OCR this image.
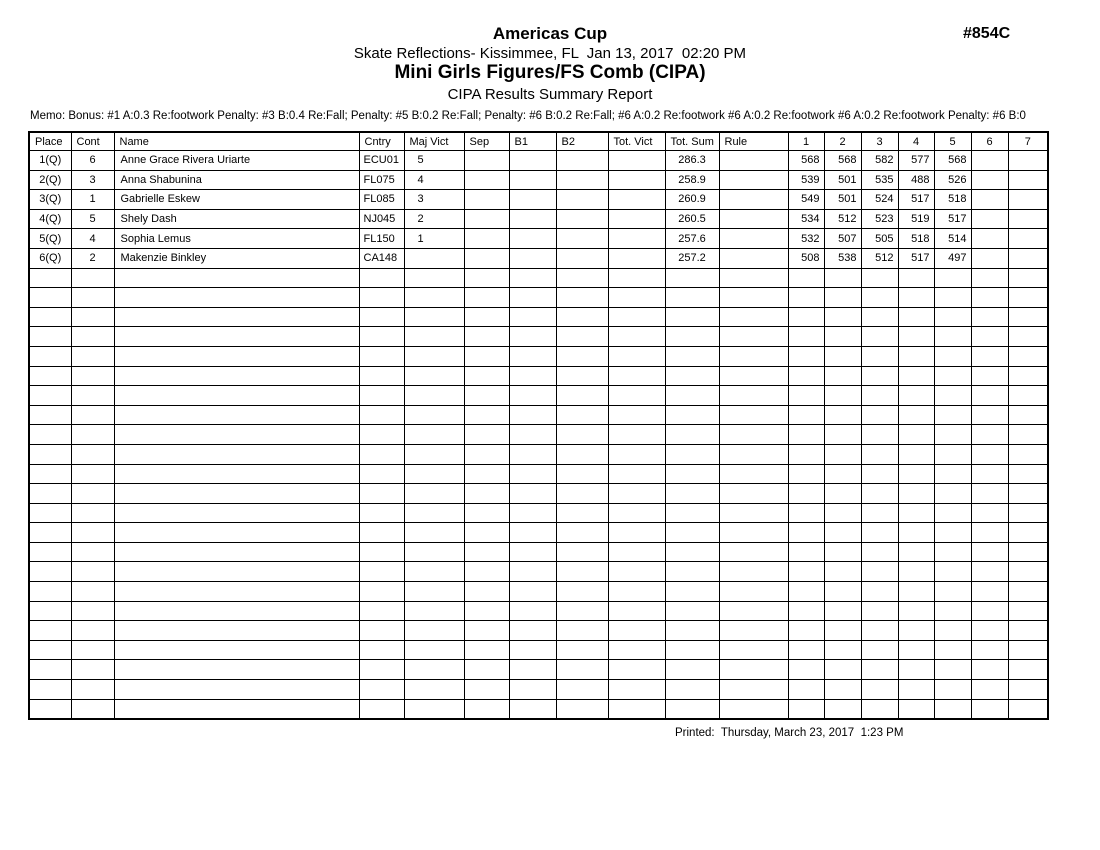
Americas Cup
Skate Reflections- Kissimmee, FL  Jan 13, 2017  02:20 PM
Mini Girls Figures/FS Comb (CIPA)
CIPA Results Summary Report
#854C
Memo: Bonus: #1 A:0.3 Re:footwork Penalty: #3 B:0.4 Re:Fall; Penalty: #5 B:0.2 Re:Fall; Penalty: #6 B:0.2 Re:Fall; #6 A:0.2 Re:footwork #6 A:0.2 Re:footwork #6 A:0.2 Re:footwork Penalty: #6 B:0
Place	Cont	Name	Cntry	Maj Vict	Sep	B1	B2	Tot. Vict	Tot. Sum	Rule	1	2	3	4	5	6	7
1(Q)	6	Anne Grace Rivera Uriarte	ECU01	5					286.3		568	568	582	577	568		
2(Q)	3	Anna Shabunina	FL075	4					258.9		539	501	535	488	526		
3(Q)	1	Gabrielle Eskew	FL085	3					260.9		549	501	524	517	518		
4(Q)	5	Shely Dash	NJ045	2					260.5		534	512	523	519	517		
5(Q)	4	Sophia Lemus	FL150	1					257.6		532	507	505	518	514		
6(Q)	2	Makenzie Binkley	CA148						257.2		508	538	512	517	497		

Printed:  Thursday, March 23, 2017  1:23 PM
